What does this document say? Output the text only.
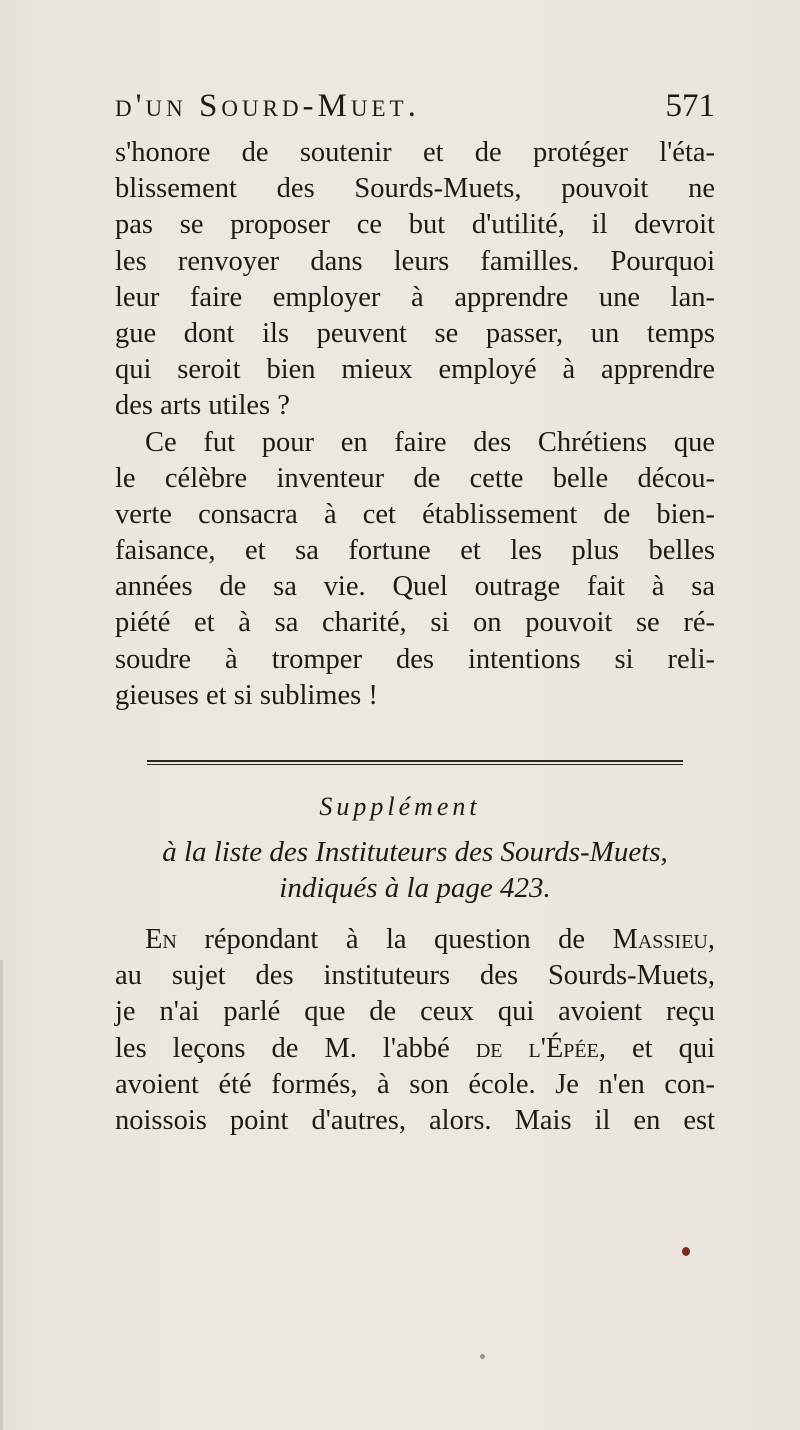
d'un Sourd-Muet.	571
s'honore de soutenir et de protéger l'éta-
blissement des Sourds-Muets, pouvoit ne
pas se proposer ce but d'utilité, il devroit
les renvoyer dans leurs familles. Pourquoi
leur faire employer à apprendre une lan-
gue dont ils peuvent se passer, un temps
qui seroit bien mieux employé à apprendre
des arts utiles ?
Ce fut pour en faire des Chrétiens que
le célèbre inventeur de cette belle décou-
verte consacra à cet établissement de bien-
faisance, et sa fortune et les plus belles
années de sa vie. Quel outrage fait à sa
piété et à sa charité, si on pouvoit se ré-
soudre à tromper des intentions si reli-
gieuses et si sublimes !
Supplément
à la liste des Instituteurs des Sourds-Muets,
indiqués à la page 423.
En répondant à la question de Massieu,
au sujet des instituteurs des Sourds-Muets,
je n'ai parlé que de ceux qui avoient reçu
les leçons de M. l'abbé de l'Épée, et qui
avoient été formés, à son école. Je n'en con-
noissois point d'autres, alors. Mais il en est
